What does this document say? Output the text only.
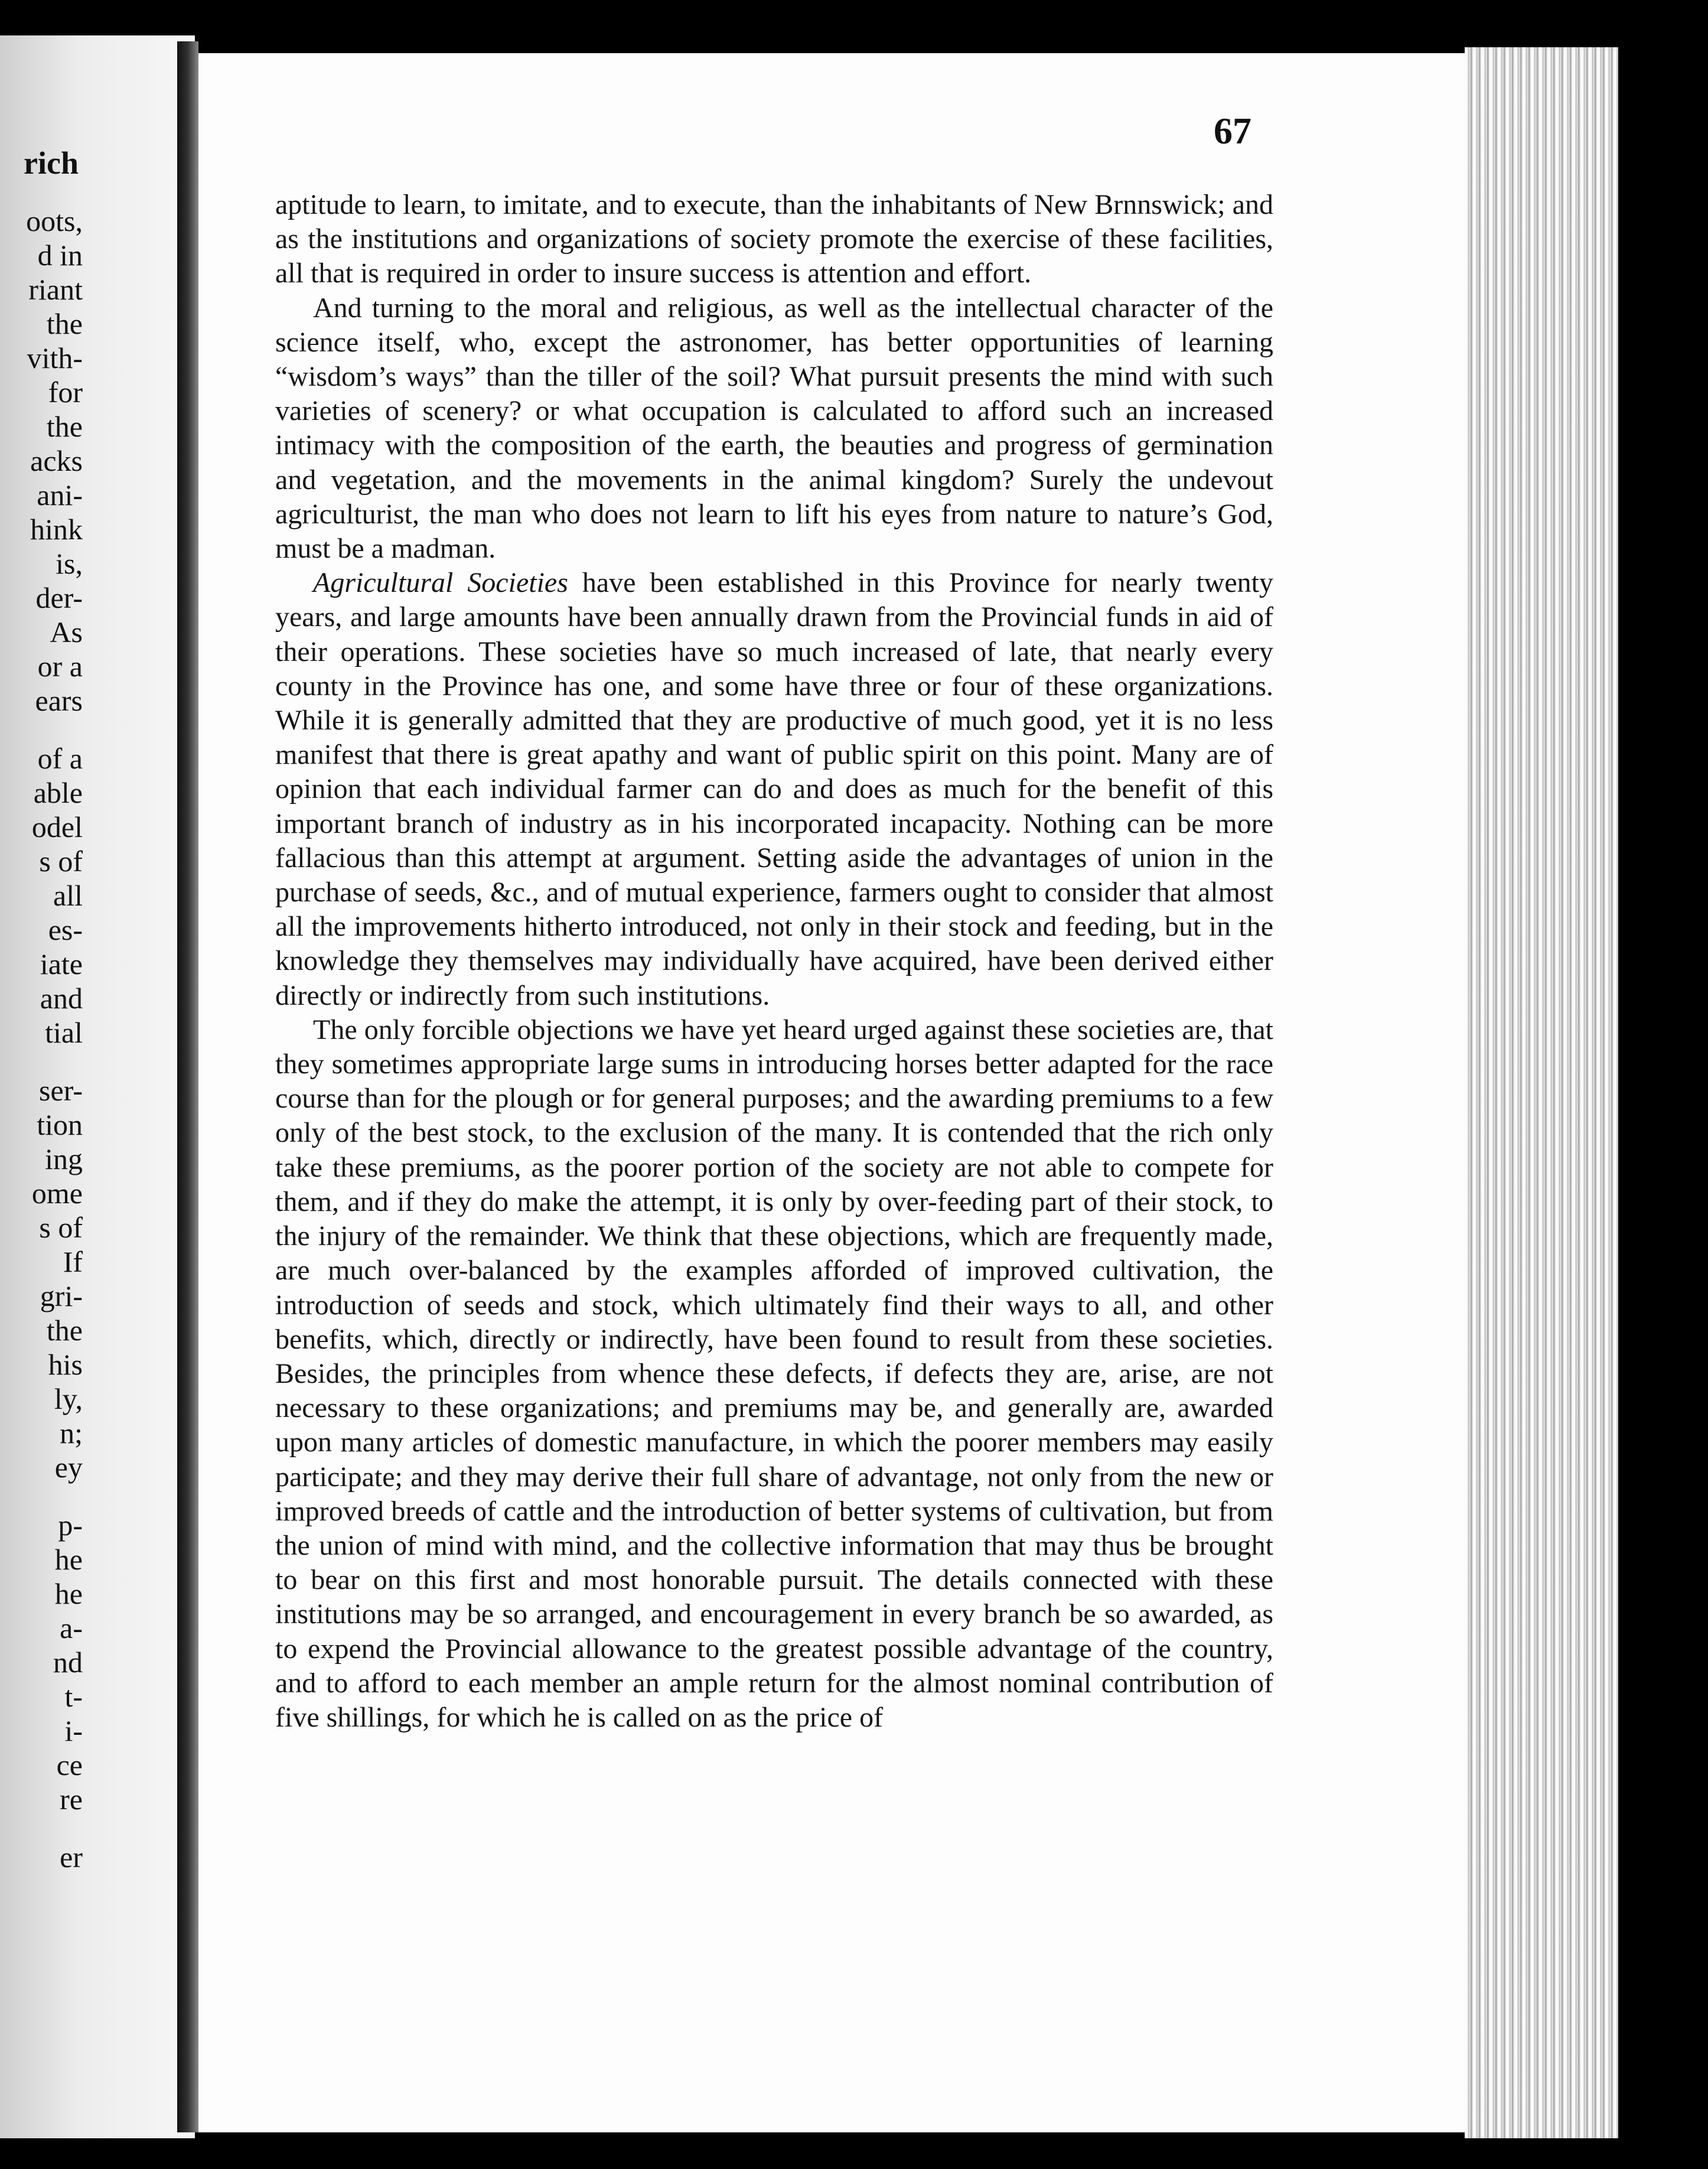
rich
oots,
d in
riant
the
vith-
for
the
acks
ani-
hink
is,
der-
As
or a
ears
of a
able
odel
s of
all
es-
iate
and
tial
ser-
tion
ing
ome
s of
If
gri-
the
his
ly,
n;
ey
p-
he
he
a-
nd
t-
i-
ce
re
er
67

aptitude to learn, to imitate, and to execute, than the inhabitants of New Brnnswick; and as the institutions and organizations of society promote the exercise of these facilities, all that is required in order to insure success is attention and effort.

And turning to the moral and religious, as well as the intellectual character of the science itself, who, except the astronomer, has better opportunities of learning “wisdom’s ways” than the tiller of the soil? What pursuit presents the mind with such varieties of scenery? or what occupation is calculated to afford such an increased intimacy with the composition of the earth, the beauties and progress of germination and vegetation, and the movements in the animal kingdom? Surely the undevout agriculturist, the man who does not learn to lift his eyes from nature to nature’s God, must be a madman.

Agricultural Societies have been established in this Province for nearly twenty years, and large amounts have been annually drawn from the Provincial funds in aid of their operations. These societies have so much increased of late, that nearly every county in the Province has one, and some have three or four of these organizations. While it is generally admitted that they are productive of much good, yet it is no less manifest that there is great apathy and want of public spirit on this point. Many are of opinion that each individual farmer can do and does as much for the benefit of this important branch of industry as in his incorporated incapacity. Nothing can be more fallacious than this attempt at argument. Setting aside the advantages of union in the purchase of seeds, &c., and of mutual experience, farmers ought to consider that almost all the improvements hitherto introduced, not only in their stock and feeding, but in the knowledge they themselves may individually have acquired, have been derived either directly or indirectly from such institutions.

The only forcible objections we have yet heard urged against these societies are, that they sometimes appropriate large sums in introducing horses better adapted for the race course than for the plough or for general purposes; and the awarding premiums to a few only of the best stock, to the exclusion of the many. It is contended that the rich only take these premiums, as the poorer portion of the society are not able to compete for them, and if they do make the attempt, it is only by over-feeding part of their stock, to the injury of the remainder. We think that these objections, which are frequently made, are much over-balanced by the examples afforded of improved cultivation, the introduction of seeds and stock, which ultimately find their ways to all, and other benefits, which, directly or indirectly, have been found to result from these societies. Besides, the principles from whence these defects, if defects they are, arise, are not necessary to these organizations; and premiums may be, and generally are, awarded upon many articles of domestic manufacture, in which the poorer members may easily participate; and they may derive their full share of advantage, not only from the new or improved breeds of cattle and the introduction of better systems of cultivation, but from the union of mind with mind, and the collective information that may thus be brought to bear on this first and most honorable pursuit. The details connected with these institutions may be so arranged, and encouragement in every branch be so awarded, as to expend the Provincial allowance to the greatest possible advantage of the country, and to afford to each member an ample return for the almost nominal contribution of five shillings, for which he is called on as the price of
